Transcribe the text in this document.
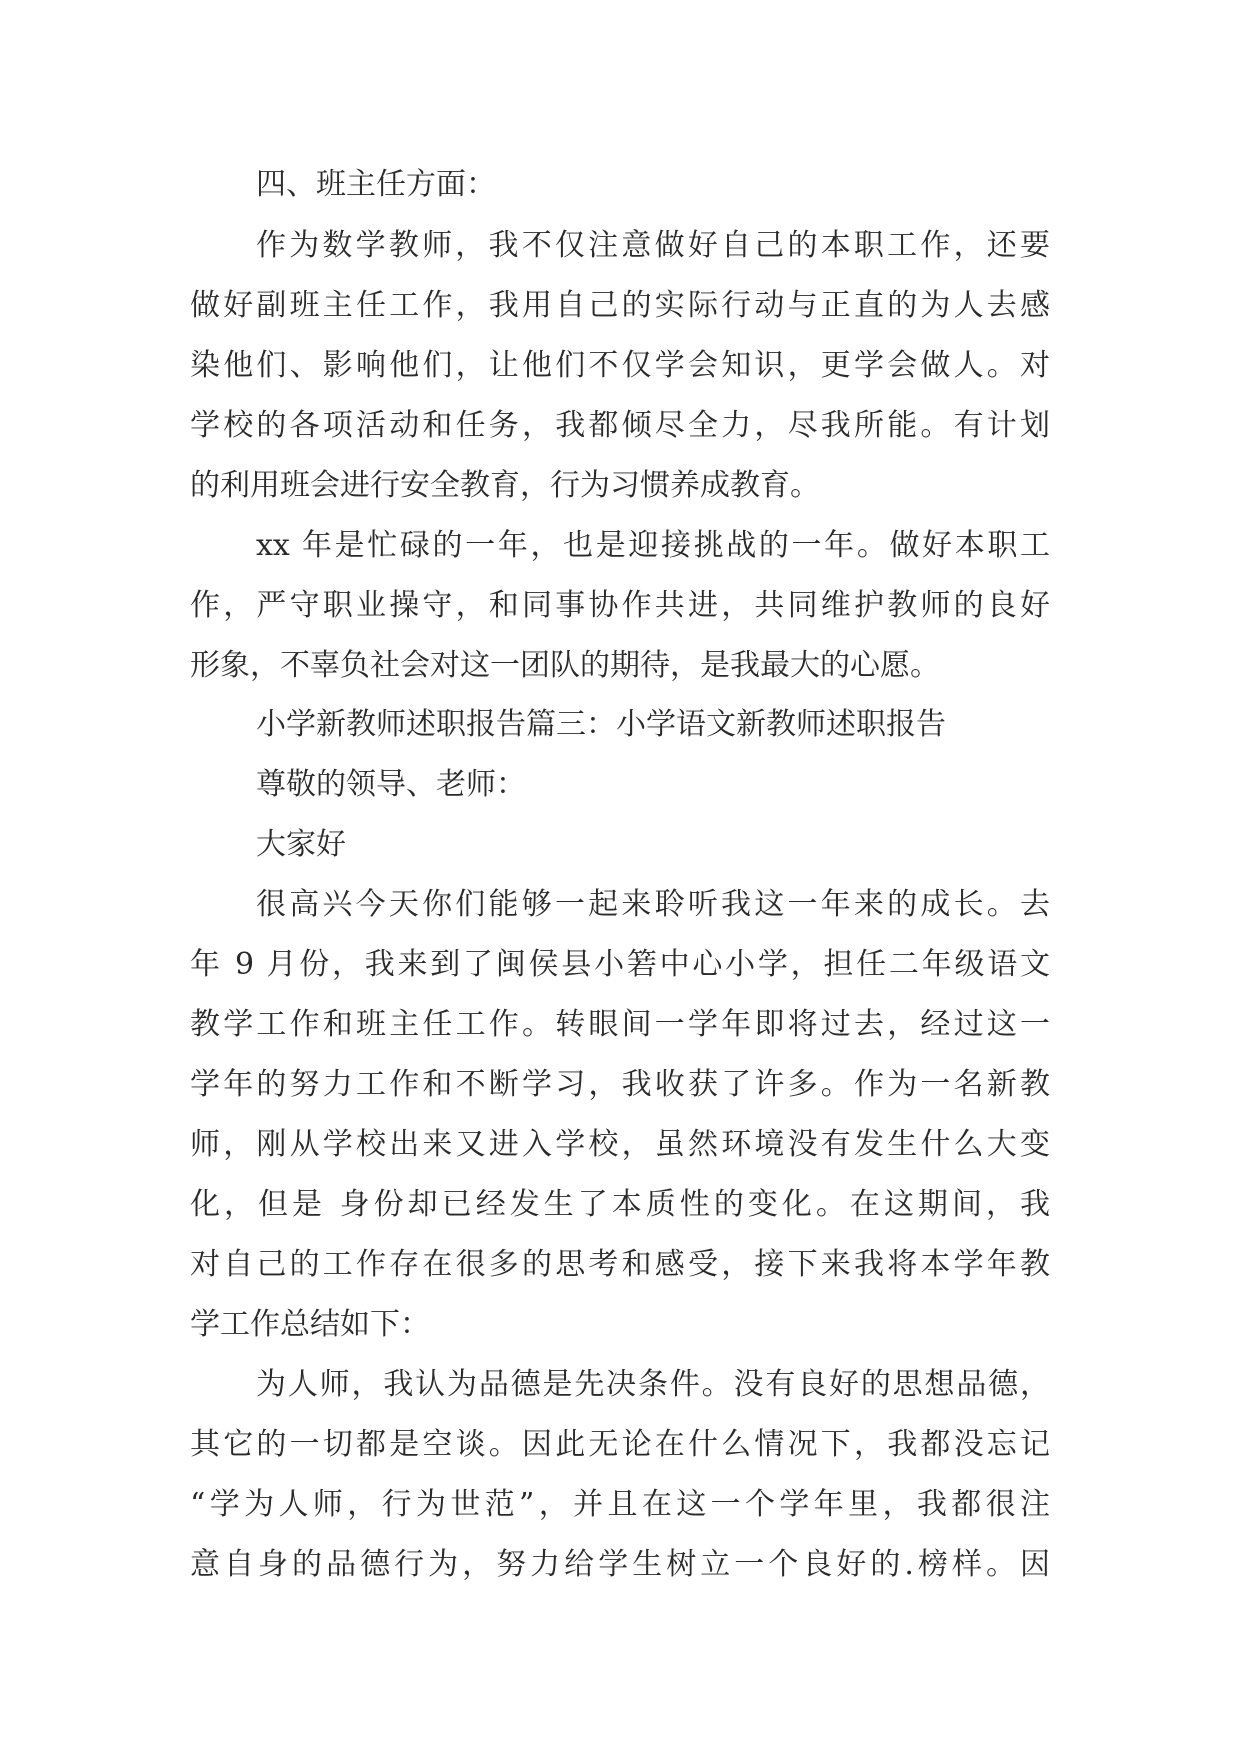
四、班主任方面：
作为数学教师，我不仅注意做好自己的本职工作，还要
做好副班主任工作，我用自己的实际行动与正直的为人去感
染他们、影响他们，让他们不仅学会知识，更学会做人。对
学校的各项活动和任务，我都倾尽全力，尽我所能。有计划
的利用班会进行安全教育，行为习惯养成教育。
xx 年是忙碌的一年，也是迎接挑战的一年。做好本职工
作，严守职业操守，和同事协作共进，共同维护教师的良好
形象，不辜负社会对这一团队的期待，是我最大的心愿。
小学新教师述职报告篇三：小学语文新教师述职报告
尊敬的领导、老师：
大家好
很高兴今天你们能够一起来聆听我这一年来的成长。去
年 9 月份，我来到了闽侯县小箬中心小学，担任二年级语文
教学工作和班主任工作。转眼间一学年即将过去，经过这一
学年的努力工作和不断学习，我收获了许多。作为一名新教
师，刚从学校出来又进入学校，虽然环境没有发生什么大变
化，但是 身份却已经发生了本质性的变化。在这期间，我
对自己的工作存在很多的思考和感受，接下来我将本学年教
学工作总结如下：
为人师，我认为品德是先决条件。没有良好的思想品德，
其它的一切都是空谈。因此无论在什么情况下，我都没忘记
“学为人师，行为世范”，并且在这一个学年里，我都很注
意自身的品德行为，努力给学生树立一个良好的.榜样。因
